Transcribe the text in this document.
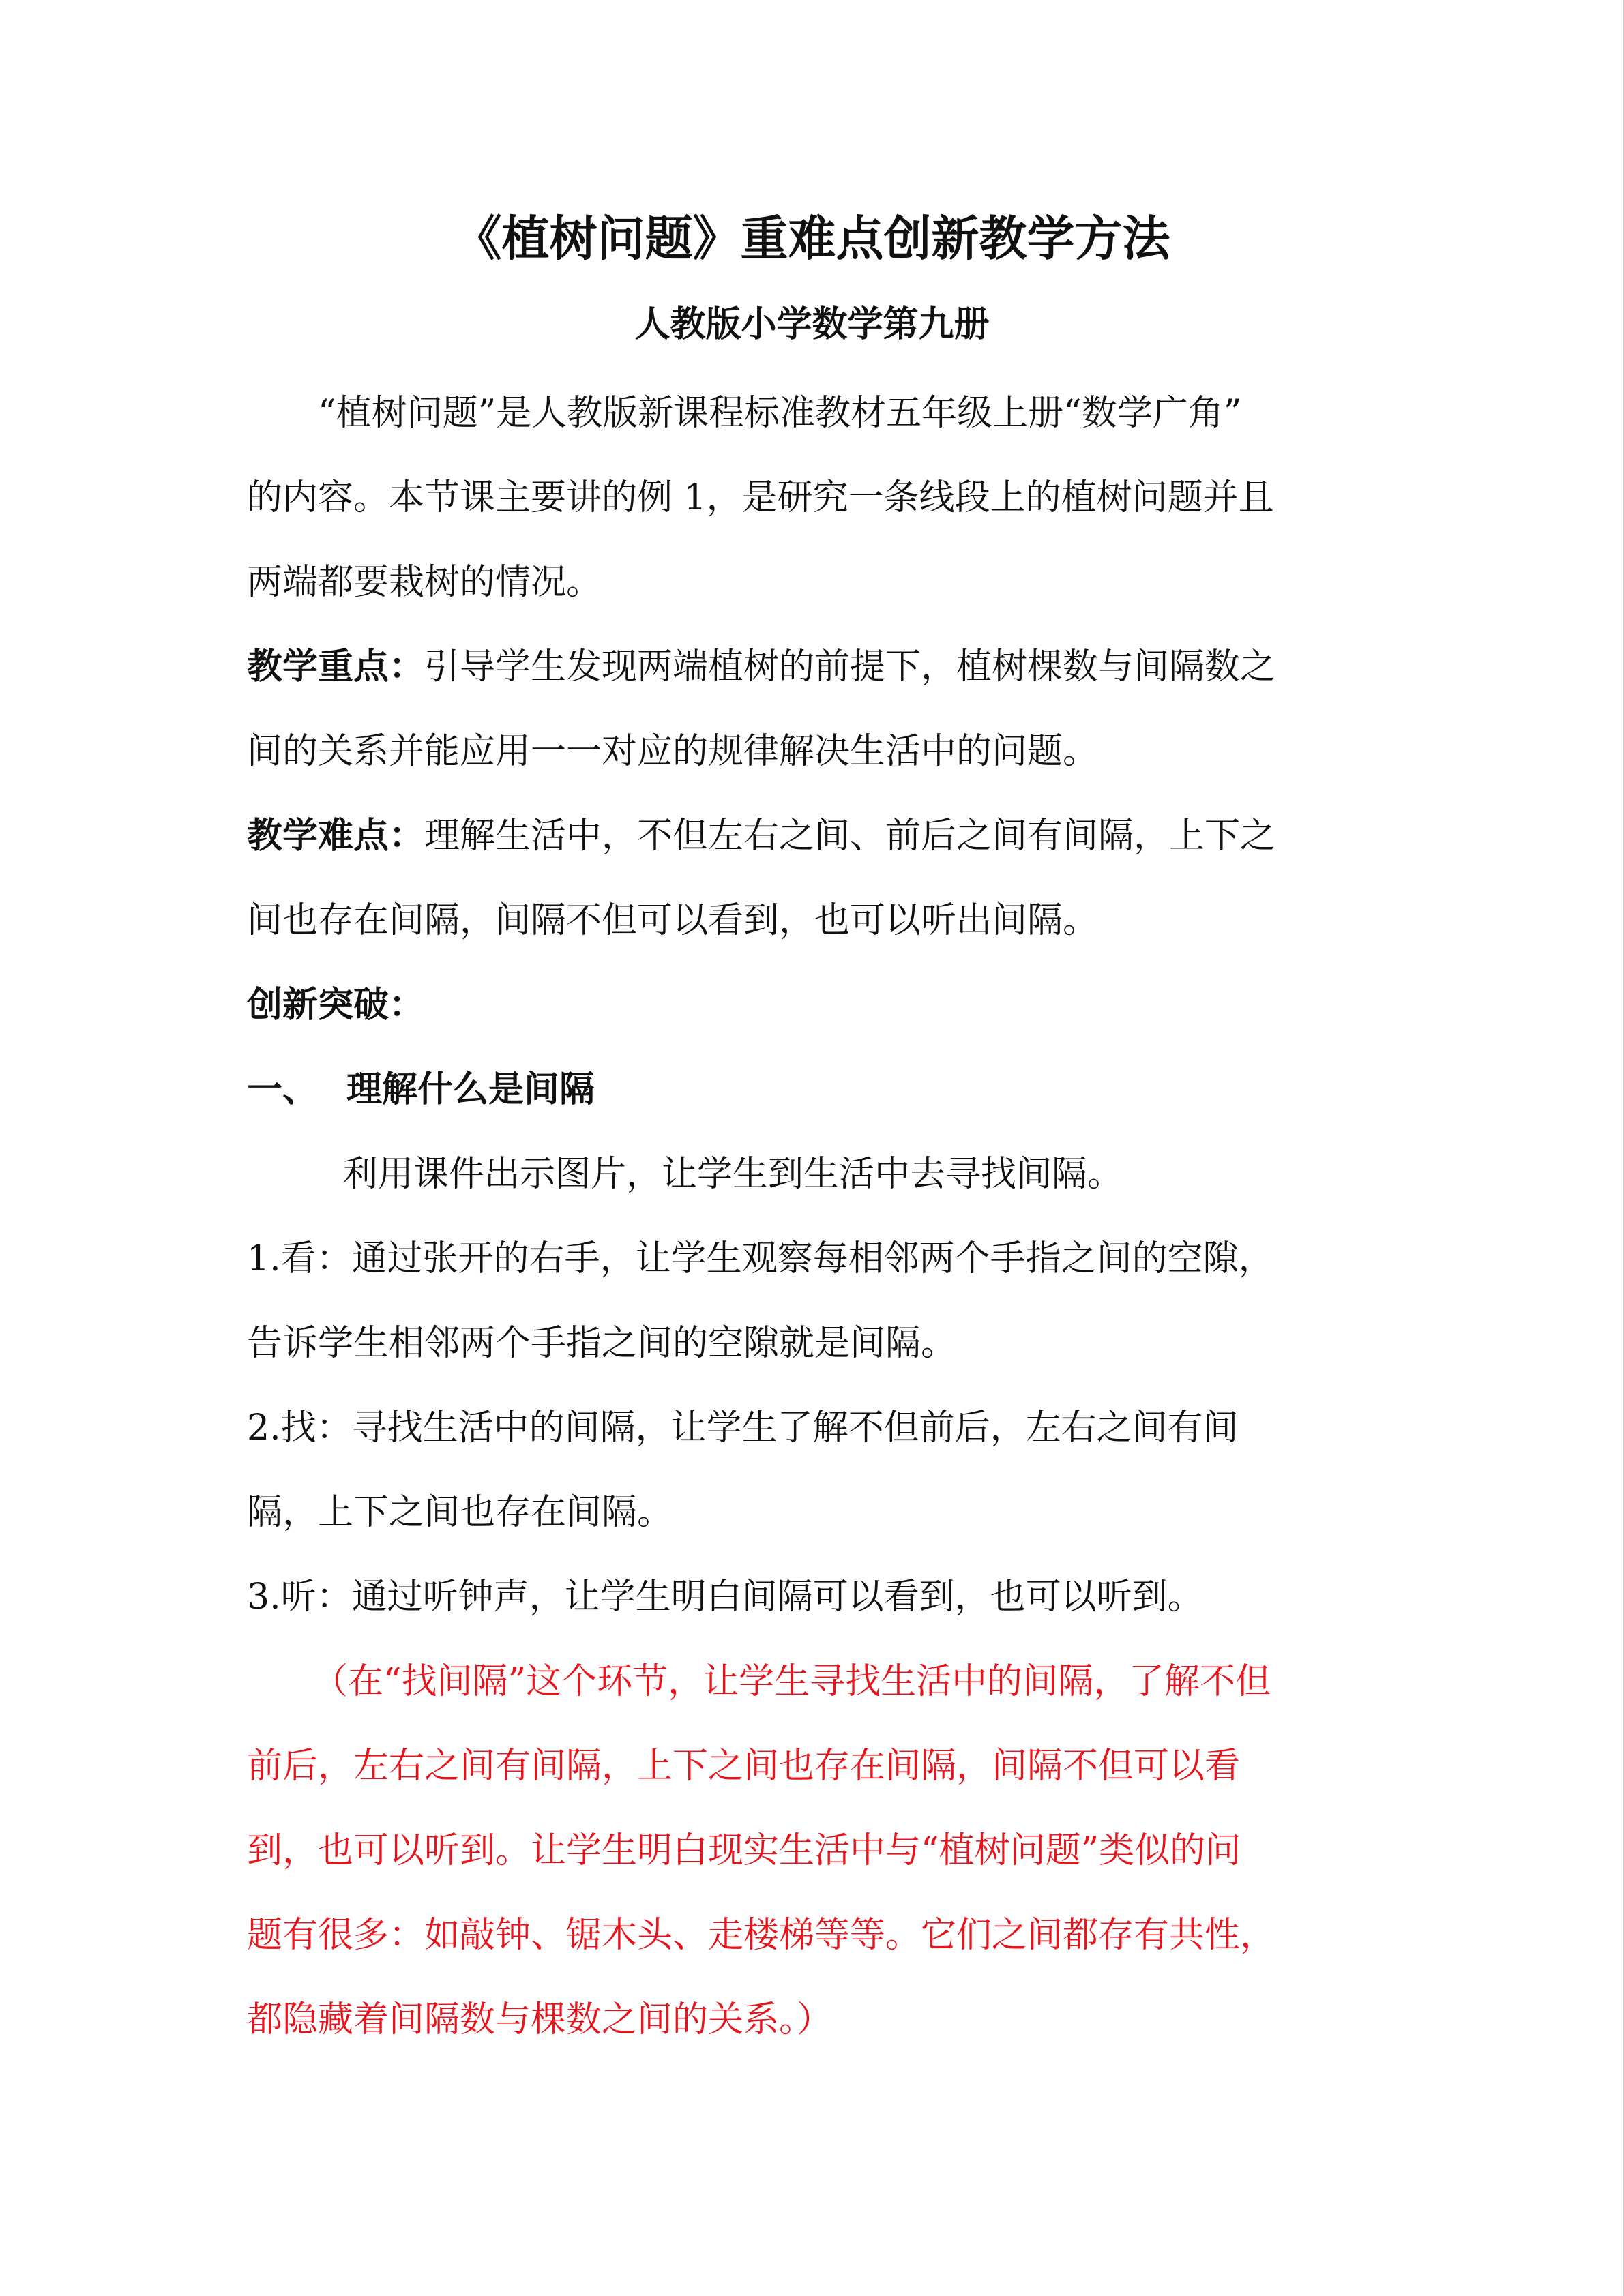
《植树问题》重难点创新教学方法
人教版小学数学第九册
“植树问题”是人教版新课程标准教材五年级上册“数学广角”
的内容。本节课主要讲的例 1，是研究一条线段上的植树问题并且
两端都要栽树的情况。
教学重点：引导学生发现两端植树的前提下，植树棵数与间隔数之
间的关系并能应用一一对应的规律解决生活中的问题。
教学难点：理解生活中，不但左右之间、前后之间有间隔，上下之
间也存在间隔，间隔不但可以看到，也可以听出间隔。
创新突破：
一、 理解什么是间隔
利用课件出示图片，让学生到生活中去寻找间隔。
1.看：通过张开的右手，让学生观察每相邻两个手指之间的空隙，
告诉学生相邻两个手指之间的空隙就是间隔。
2.找：寻找生活中的间隔，让学生了解不但前后，左右之间有间
隔，上下之间也存在间隔。
3.听：通过听钟声，让学生明白间隔可以看到，也可以听到。
（在“找间隔”这个环节，让学生寻找生活中的间隔，了解不但
前后，左右之间有间隔，上下之间也存在间隔，间隔不但可以看
到，也可以听到。让学生明白现实生活中与“植树问题”类似的问
题有很多：如敲钟、锯木头、走楼梯等等。它们之间都存有共性，
都隐藏着间隔数与棵数之间的关系。）
